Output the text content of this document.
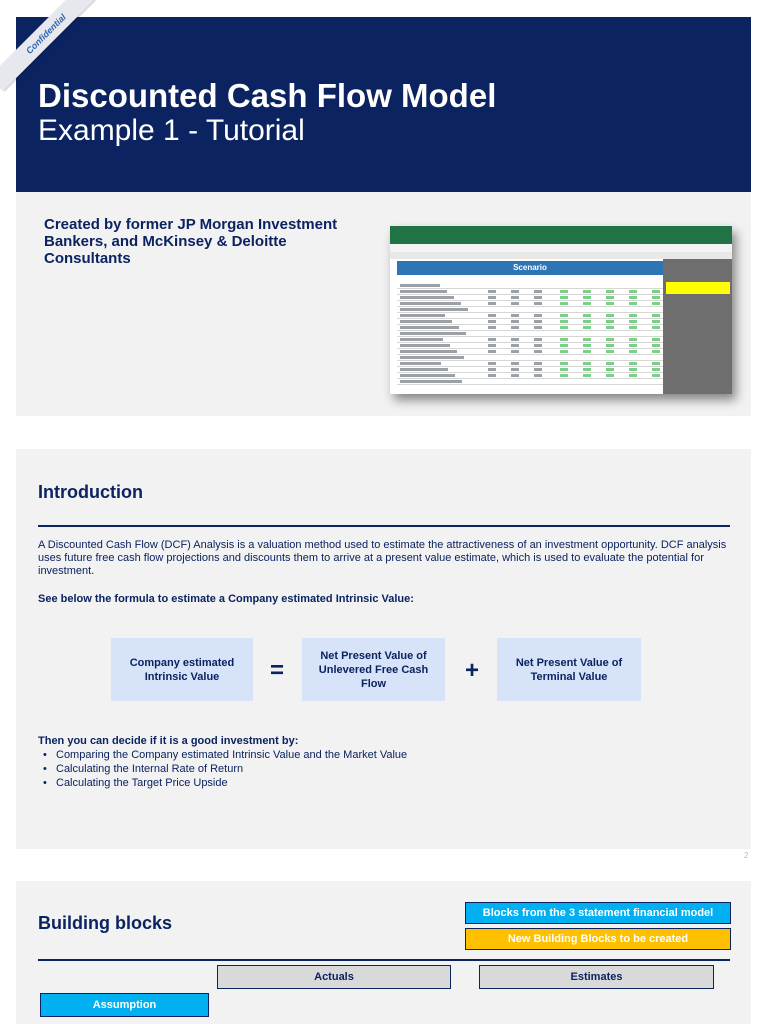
Confidential
Discounted Cash Flow Model
Example 1 - Tutorial
Created by former JP Morgan Investment Bankers, and McKinsey & Deloitte Consultants
Scenario
Introduction
A Discounted Cash Flow (DCF) Analysis is a valuation method used to estimate the attractiveness of an investment opportunity. DCF analysis uses future free cash flow projections and discounts them to arrive at a present value estimate, which is used to evaluate the potential for investment.
See below the formula to estimate a Company estimated Intrinsic Value:
Company estimated Intrinsic Value	=
Net Present Value of Unlevered Free Cash Flow	+	Net Present Value of Terminal Value
Then you can decide if it is a good investment by:
• Comparing the Company estimated Intrinsic Value and the Market Value
• Calculating the Internal Rate of Return
• Calculating the Target Price Upside
2
Building blocks	Blocks from the 3 statement financial model
New Building Blocks to be created
Actuals	Estimates
Assumption
